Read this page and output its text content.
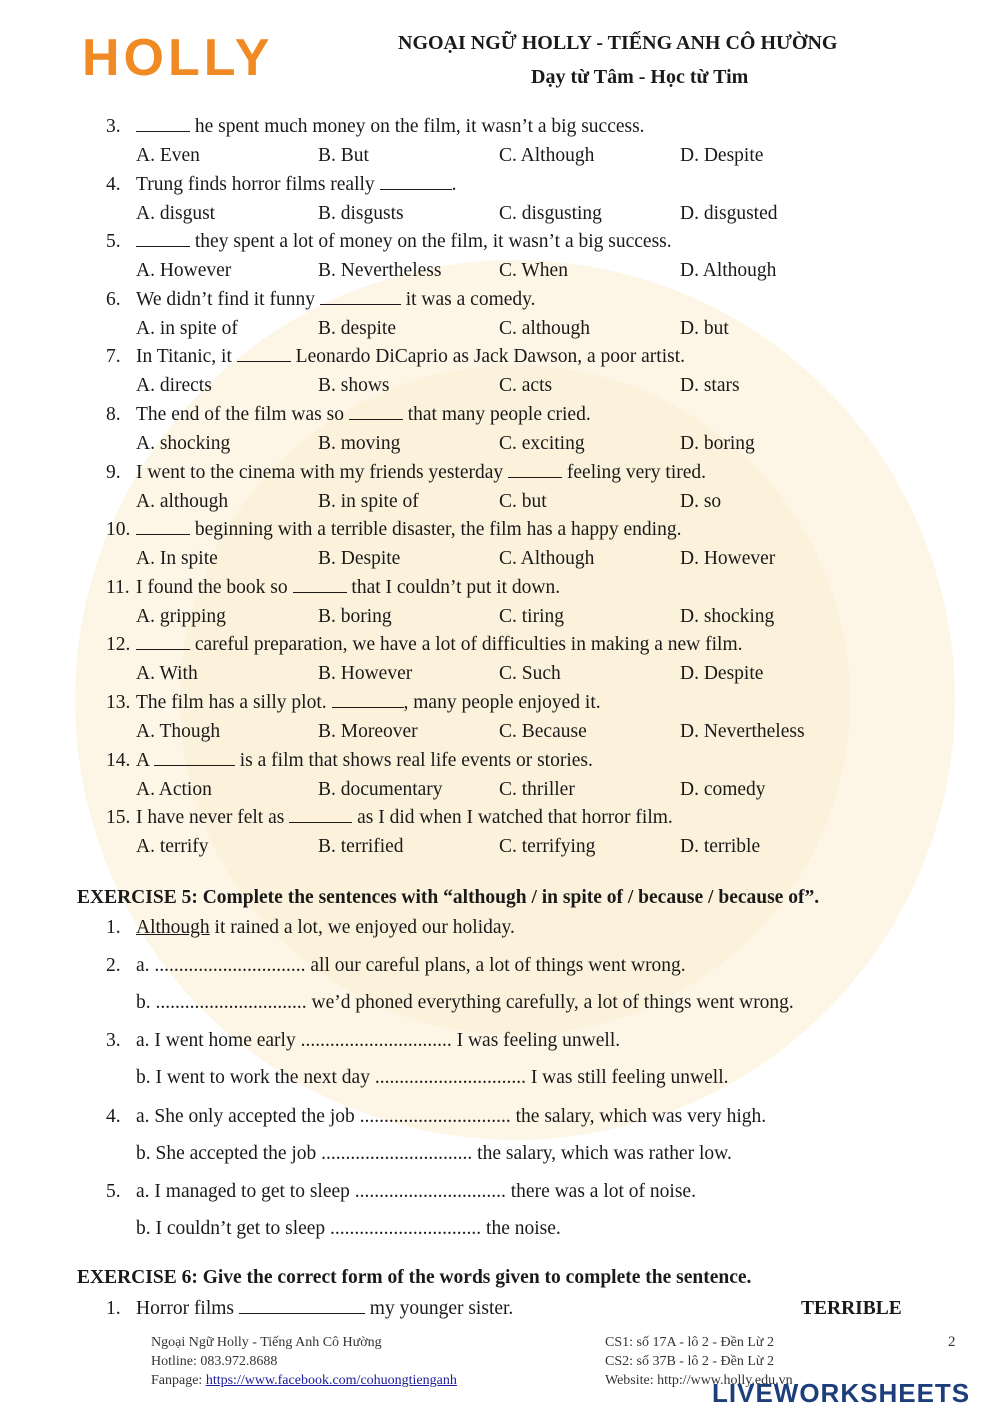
HOLLY	NGOẠI NGỮ HOLLY - TIẾNG ANH CÔ HƯỜNG
Dạy từ Tâm - Học từ Tim
3.	he spent much money on the film, it wasn’t a big success.
A. Even	B. But	C. Although	D. Despite
4. Trung finds horror films really	.
A. disgust	B. disgusts	C. disgusting	D. disgusted
5.	they spent a lot of money on the film, it wasn’t a big success.
A. However	B. Nevertheless	C. When	D. Although
6. We didn’t find it funny	it was a comedy.
A. in spite of	B. despite	C. although	D. but
7. In Titanic, it	Leonardo DiCaprio as Jack Dawson, a poor artist.
A. directs	B. shows	C. acts	D. stars
8. The end of the film was so	that many people cried.
A. shocking	B. moving	C. exciting	D. boring
9. I went to the cinema with my friends yesterday	feeling very tired.
A. although	B. in spite of	C. but	D. so
10.	beginning with a terrible disaster, the film has a happy ending.
A. In spite	B. Despite	C. Although	D. However
11. I found the book so	that I couldn’t put it down.
A. gripping	B. boring	C. tiring	D. shocking
12.	careful preparation, we have a lot of difficulties in making a new film.
A. With	B. However	C. Such	D. Despite
13. The film has a silly plot.	, many people enjoyed it.
A. Though	B. Moreover	C. Because	D. Nevertheless
14. A	is a film that shows real life events or stories.
A. Action	B. documentary	C. thriller	D. comedy
15. I have never felt as	as I did when I watched that horror film.
A. terrify	B. terrified	C. terrifying	D. terrible
EXERCISE 5: Complete the sentences with “although / in spite of / because / because of”.
1. Although it rained a lot, we enjoyed our holiday.
2. a. ............................... all our careful plans, a lot of things went wrong.
b. ............................... we’d phoned everything carefully, a lot of things went wrong.
3. a. I went home early ............................... I was feeling unwell.
b. I went to work the next day ............................... I was still feeling unwell.
4. a. She only accepted the job ............................... the salary, which was very high.
b. She accepted the job ............................... the salary, which was rather low.
5. a. I managed to get to sleep ............................... there was a lot of noise.
b. I couldn’t get to sleep ............................... the noise.
EXERCISE 6: Give the correct form of the words given to complete the sentence.
1. Horror films	my younger sister.	TERRIBLE
Ngoại Ngữ Holly - Tiếng Anh Cô Hường
Hotline: 083.972.8688
Fanpage: https://www.facebook.com/cohuongtienganh
CS1: số 17A - lô 2 - Đền Lừ 2
CS2: số 37B - lô 2 - Đền Lừ 2
Website: http://www.holly.edu.vn
2
LIVEWORKSHEETS
